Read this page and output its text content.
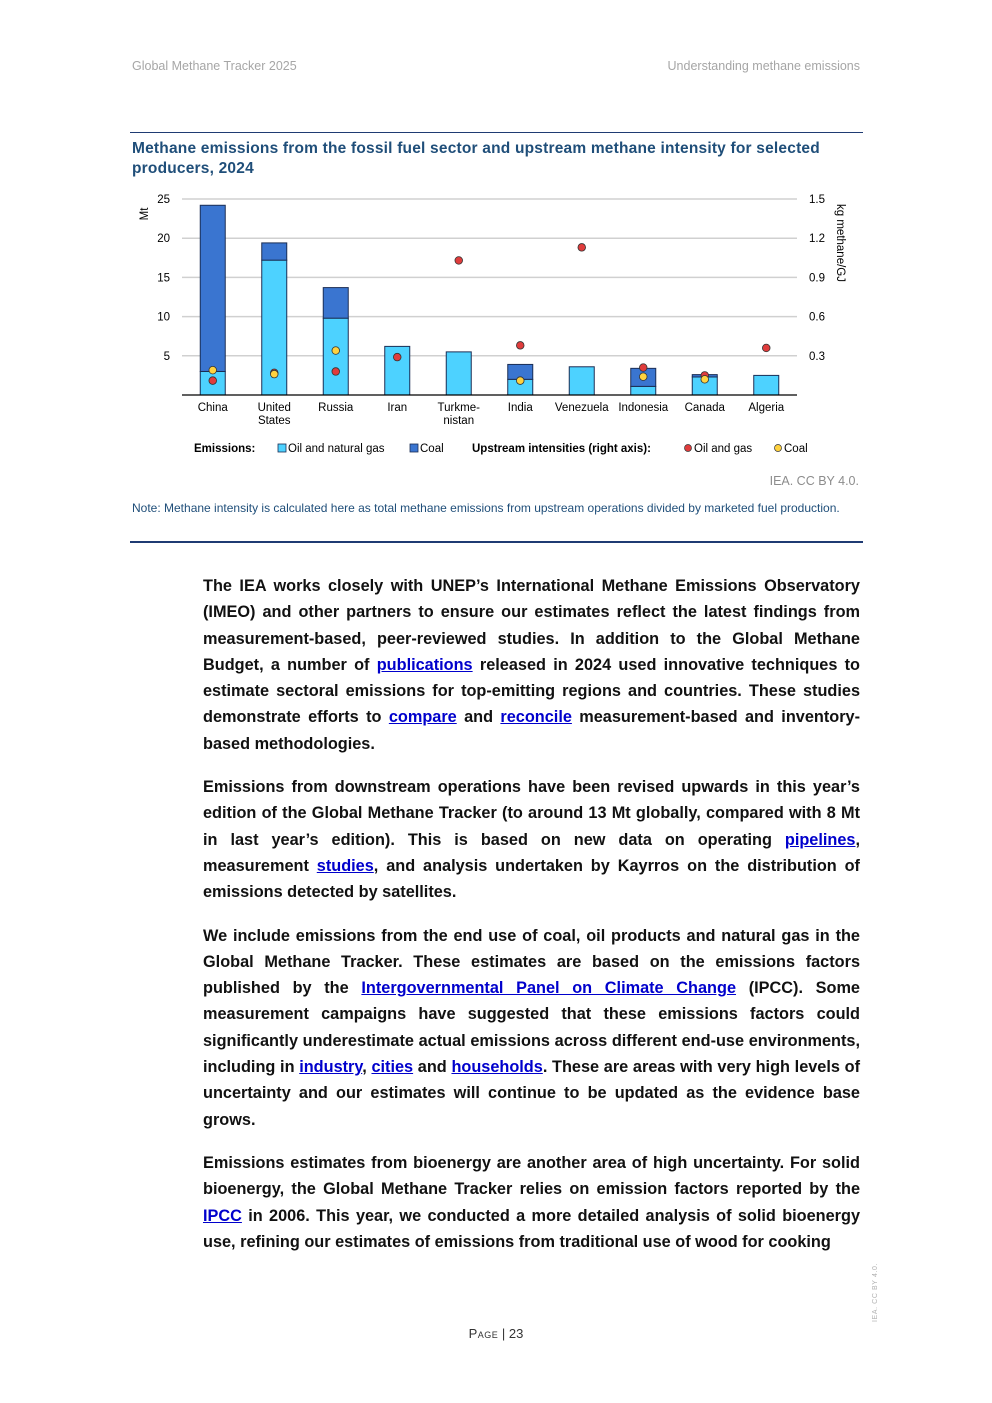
Global Methane Tracker 2025	Understanding methane emissions
Methane emissions from the fossil fuel sector and upstream methane intensity for selected producers, 2024
5	0.3
10	0.6
15	0.9
20	1.2
25	1.5
Mt	kg methane/GJ
China	United
States
Russia	Iran	Turkme-
nistan
India Venezuela Indonesia Canada Algeria
Emissions:	Oil and natural gas	Coal Upstream intensities (right axis):	Oil and gas	Coal
IEA. CC BY 4.0.
Note: Methane intensity is calculated here as total methane emissions from upstream operations divided by marketed fuel production.

The IEA works closely with UNEP’s International Methane Emissions Observatory (IMEO) and other partners to ensure our estimates reflect the latest findings from measurement-based, peer-reviewed studies. In addition to the Global Methane Budget, a number of publications released in 2024 used innovative techniques to estimate sectoral emissions for top-emitting regions and countries. These studies demonstrate efforts to compare and reconcile measurement-based and inventory-based methodologies.

Emissions from downstream operations have been revised upwards in this year’s edition of the Global Methane Tracker (to around 13 Mt globally, compared with 8 Mt in last year’s edition). This is based on new data on operating pipelines, measurement studies, and analysis undertaken by Kayrros on the distribution of emissions detected by satellites.

We include emissions from the end use of coal, oil products and natural gas in the Global Methane Tracker. These estimates are based on the emissions factors published by the Intergovernmental Panel on Climate Change (IPCC). Some measurement campaigns have suggested that these emissions factors could significantly underestimate actual emissions across different end-use environments, including in industry, cities and households. These are areas with very high levels of uncertainty and our estimates will continue to be updated as the evidence base grows.

Emissions estimates from bioenergy are another area of high uncertainty. For solid bioenergy, the Global Methane Tracker relies on emission factors reported by the IPCC in 2006. This year, we conducted a more detailed analysis of solid bioenergy use, refining our estimates of emissions from traditional use of wood for cooking

Page | 23
IEA. CC BY 4.0.
